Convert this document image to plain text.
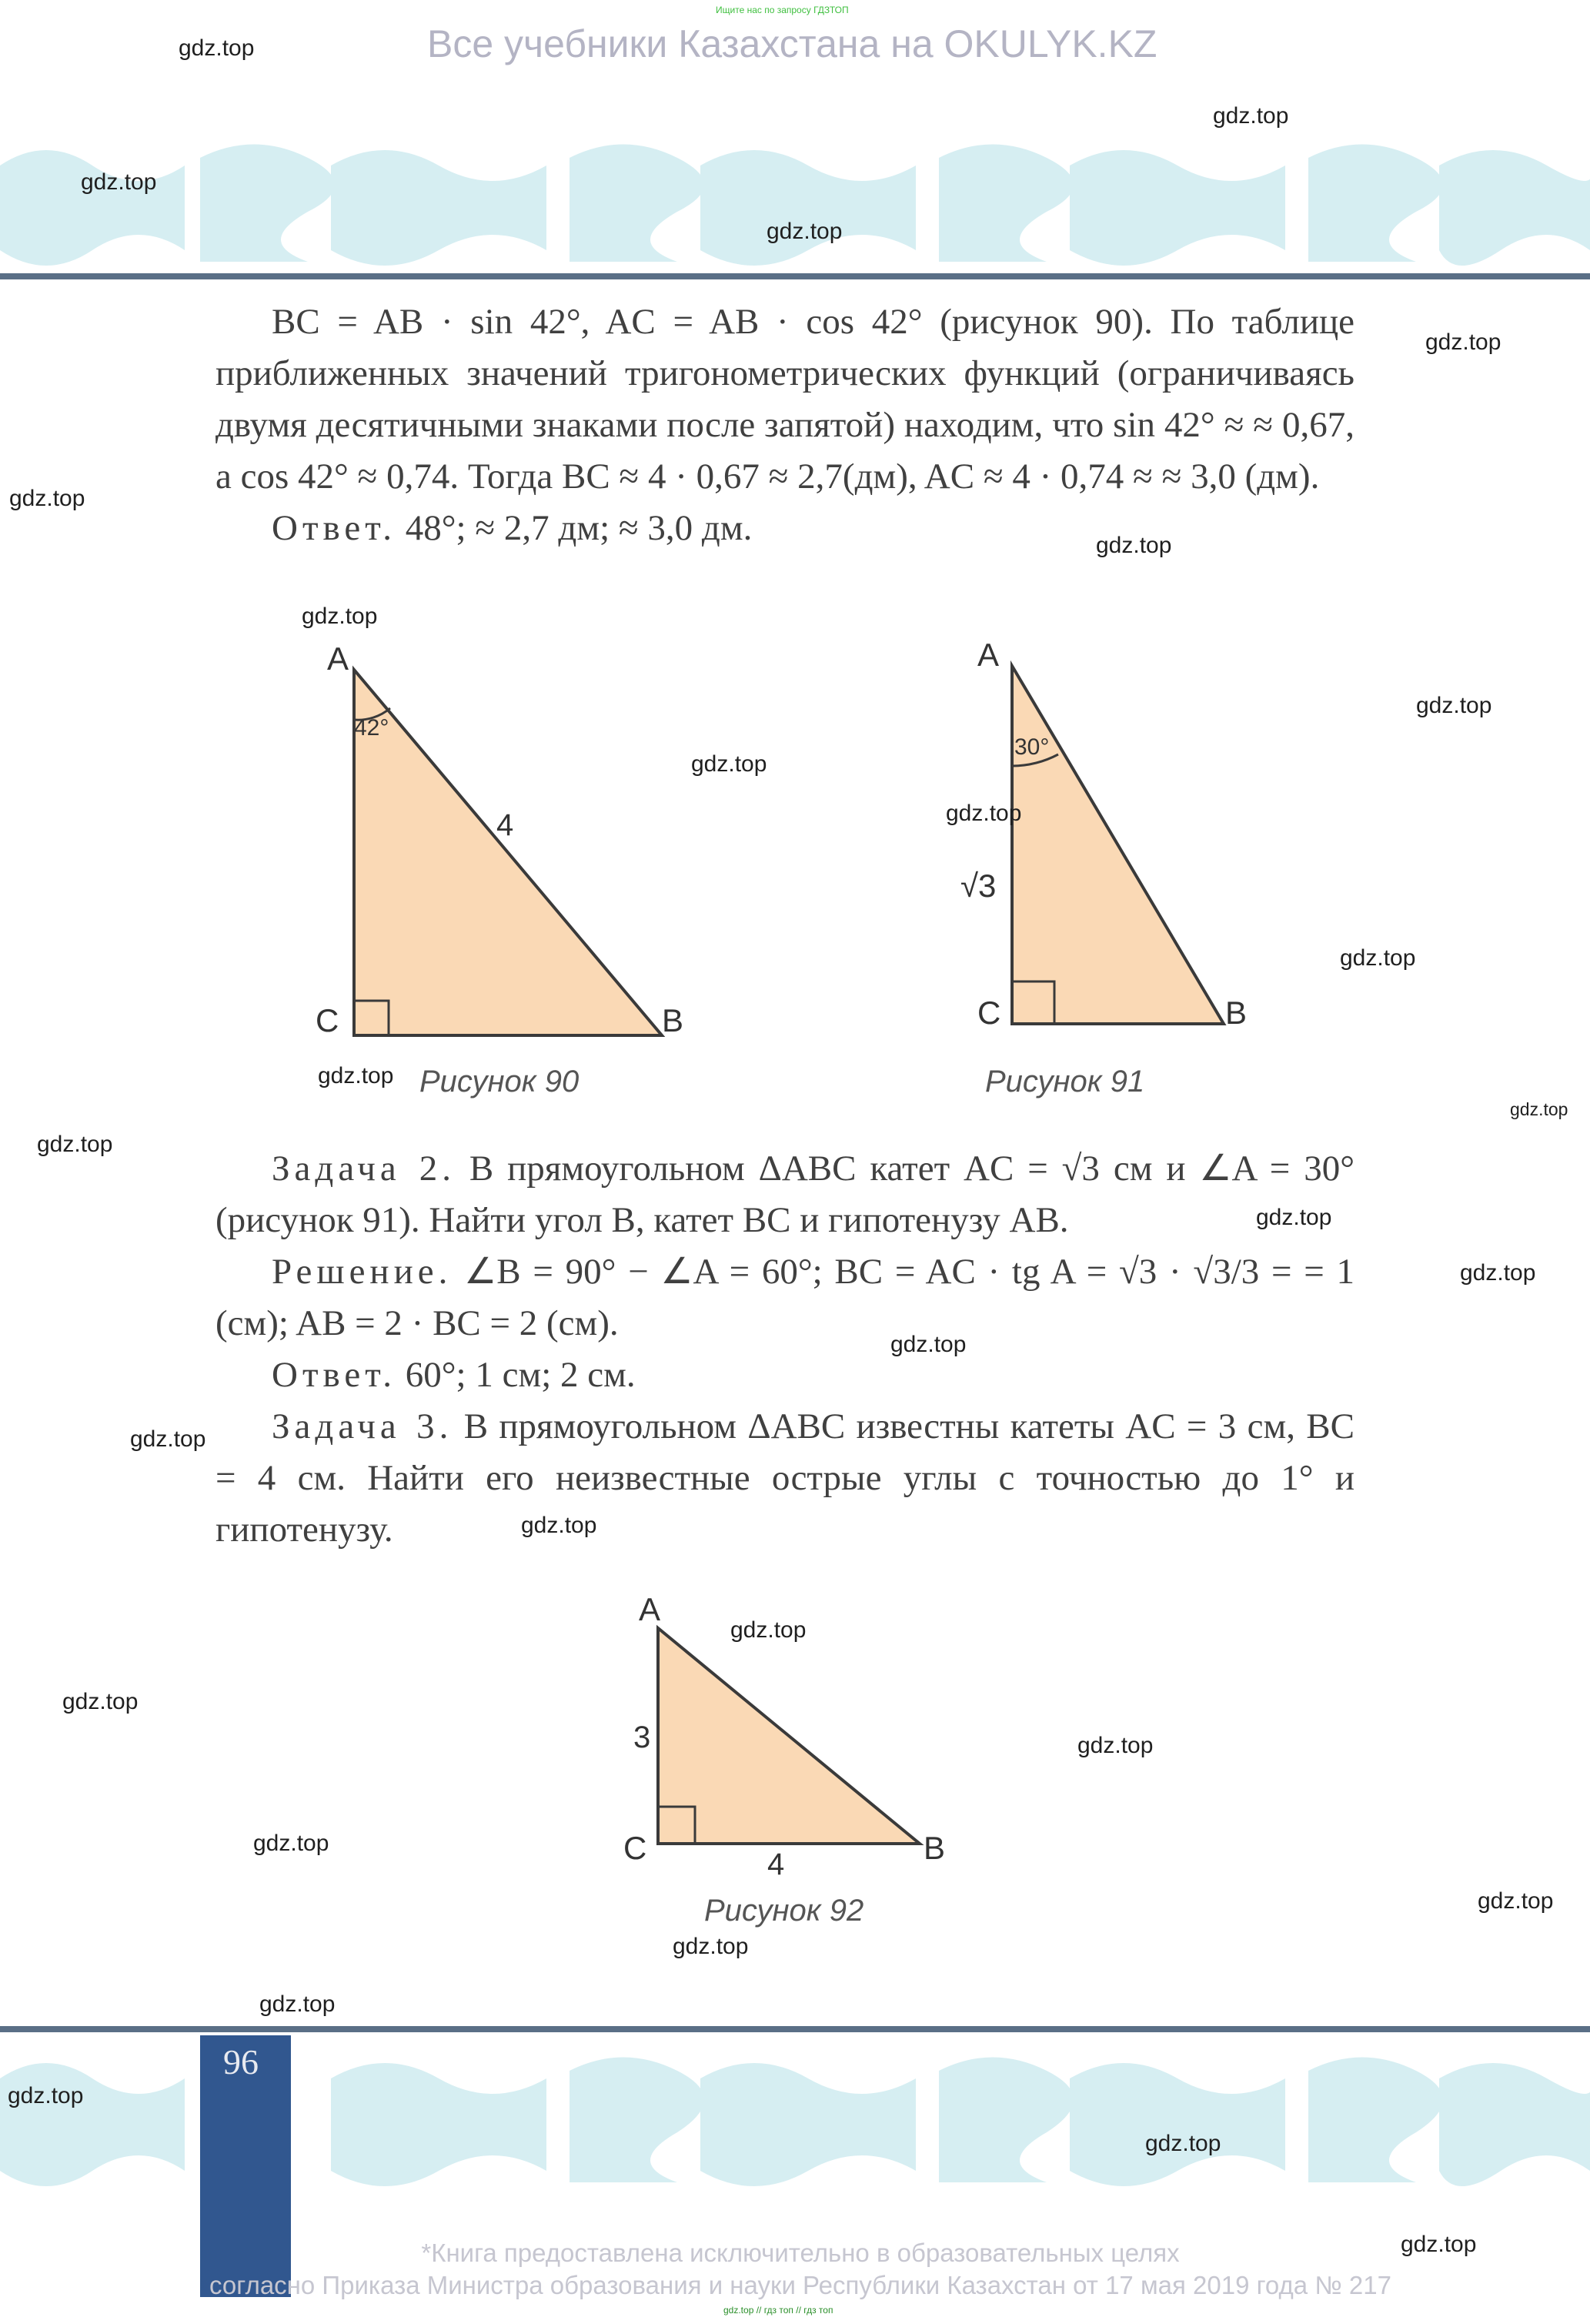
Ищите нас по запросу ГДЗТОП
Все учебники Казахстана на OKULYK.KZ

BC = AB · sin 42°, AC = AB · cos 42° (рисунок 90). По таблице приближенных значений тригонометрических функций (ограничиваясь двумя десятичными знаками после запятой) находим, что sin 42° ≈ ≈ 0,67, а cos 42° ≈ 0,74. Тогда BC ≈ 4 · 0,67 ≈ 2,7(дм), AC ≈ 4 · 0,74 ≈ ≈ 3,0 (дм).

Ответ. 48°; ≈ 2,7 дм; ≈ 3,0 дм.

A
C	B
42°
4
Рисунок 90
A
C	B
30°
√3
Рисунок 91

Задача 2. В прямоугольном ΔABC катет AC = √3 см и ∠A = 30° (рисунок 91). Найти угол B, катет BC и гипотенузу AB.

Решение. ∠B = 90° − ∠A = 60°; BC = AC · tg A = √3 · √3/3 = = 1 (см); AB = 2 · BC = 2 (см).

Ответ. 60°; 1 см; 2 см.

Задача 3. В прямоугольном ΔABC известны катеты AC = 3 см, BC = 4 см. Найти его неизвестные острые углы с точностью до 1° и гипотенузу.

A
C	B
3
4
Рисунок 92
96
*Книга предоставлена исключительно в образовательных целях
согласно Приказа Министра образования и науки Республики Казахстан от 17 мая 2019 года № 217
gdz.top // гдз топ // гдз топ
gdz.top
gdz.top
gdz.top
gdz.top
gdz.top
gdz.top
gdz.top
gdz.top
gdz.top
gdz.top
gdz.top
gdz.top
gdz.top
gdz.top
gdz.top
gdz.top
gdz.top
gdz.top
gdz.top
gdz.top
gdz.top
gdz.top
gdz.top
gdz.top
gdz.top
gdz.top
gdz.top
gdz.top
gdz.top
gdz.top
